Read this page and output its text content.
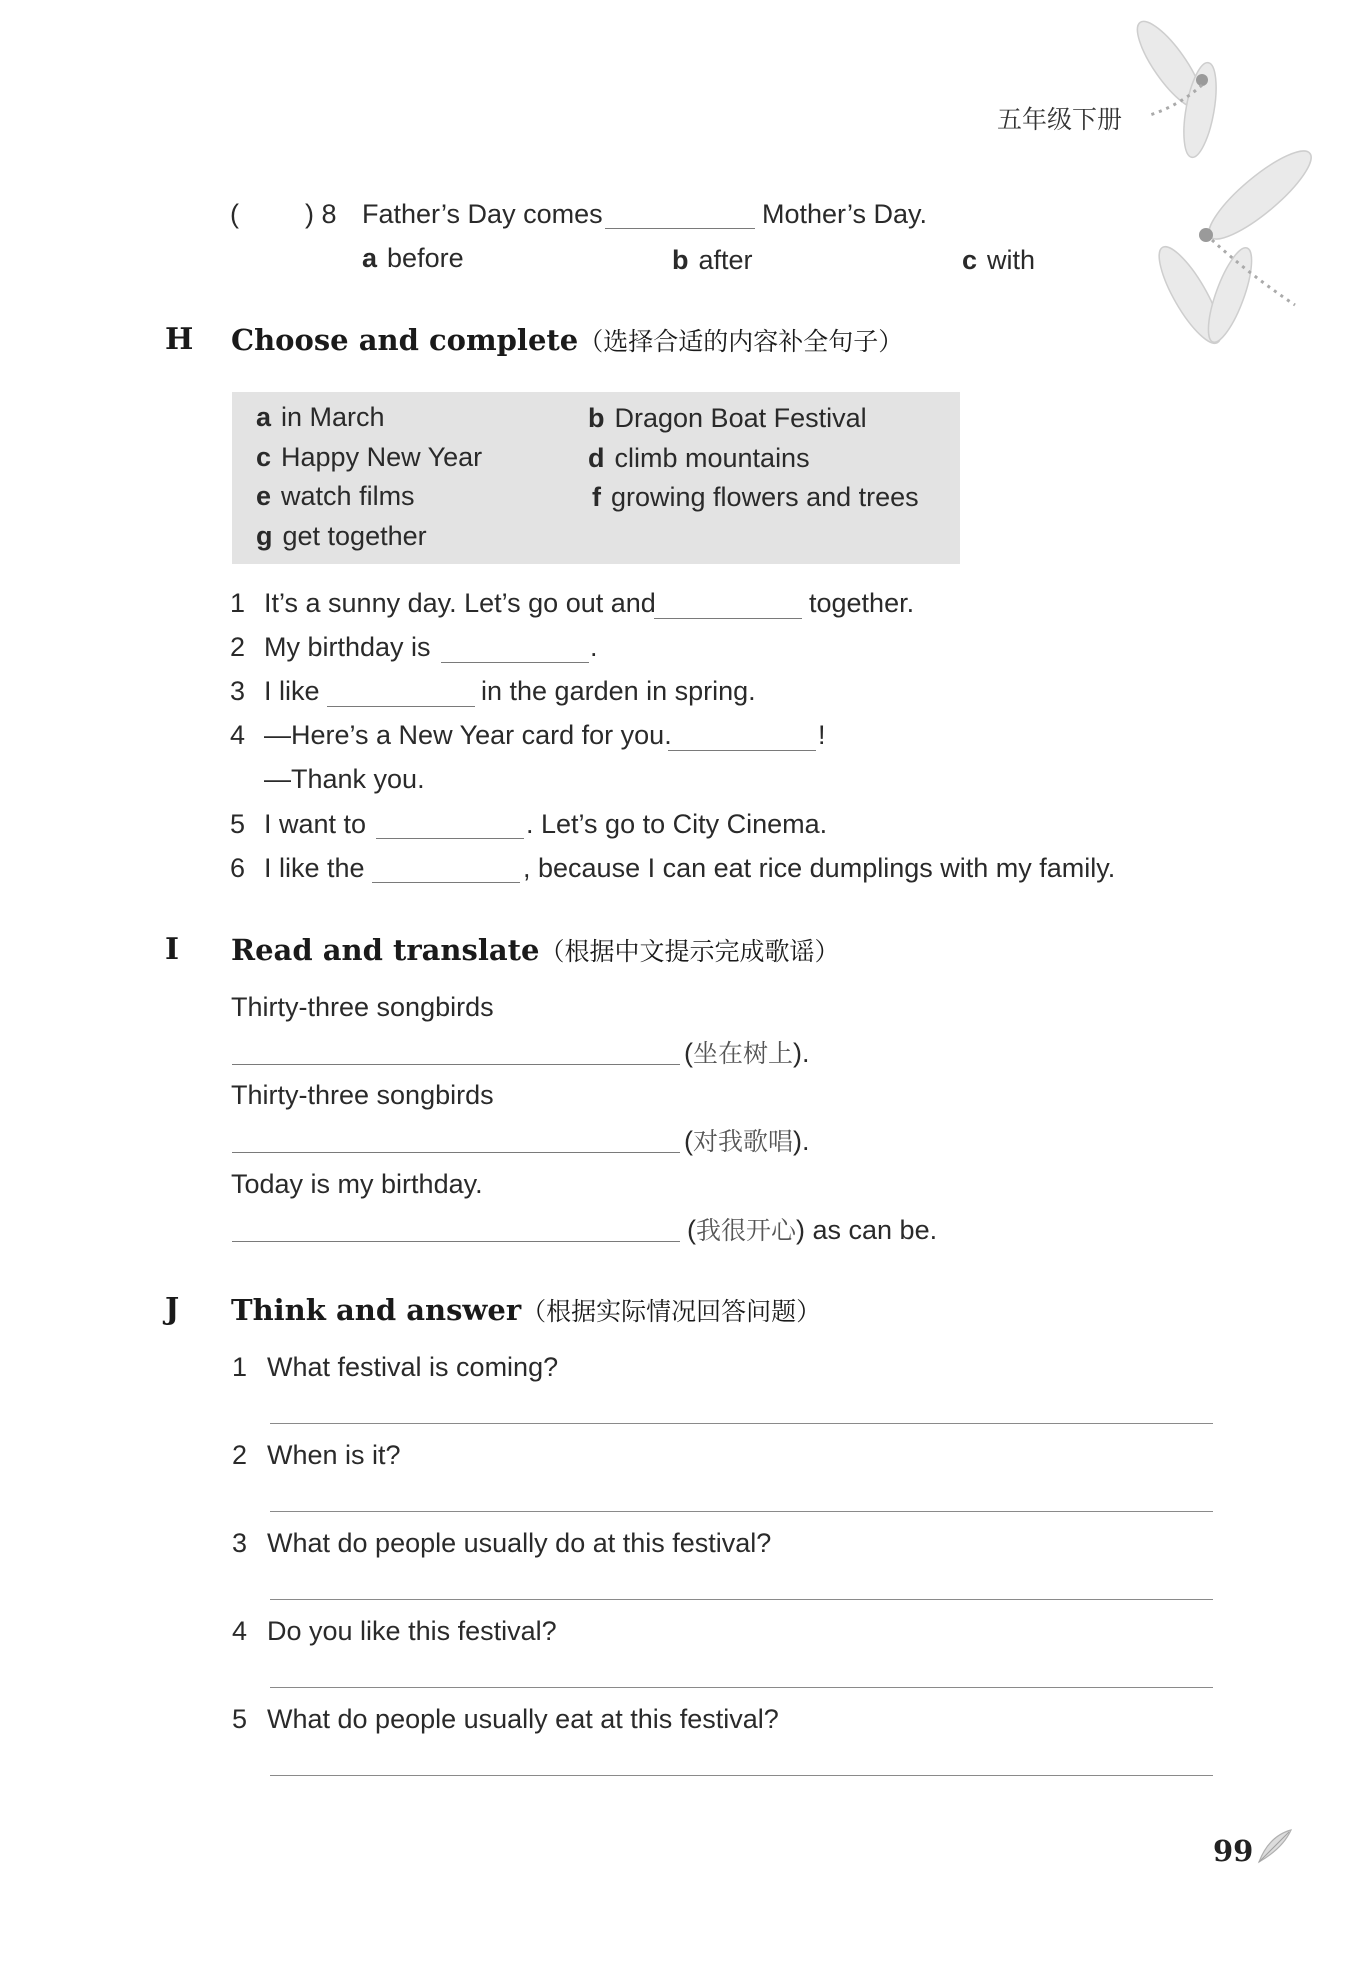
五年级下册
( ) 8 Father’s Day comes	Mother’s Day.
a before	b after	c with
H Choose and complete（选择合适的内容补全句子）
a in March	b Dragon Boat Festival
c Happy New Year	d climb mountains
e watch films	f growing flowers and trees
g get together
1 It’s a sunny day. Let’s go out and	together.
2 My birthday is	.
3 I like	in the garden in spring.
4 —Here’s a New Year card for you.	!
—Thank you.
5 I want to	. Let’s go to City Cinema.
6 I like the	, because I can eat rice dumplings with my family.
I Read and translate（根据中文提示完成歌谣）
Thirty-three songbirds
(坐在树上).
Thirty-three songbirds
(对我歌唱).
Today is my birthday.
(我很开心) as can be.
J Think and answer（根据实际情况回答问题）
1 What festival is coming?
2 When is it?
3 What do people usually do at this festival?
4 Do you like this festival?
5 What do people usually eat at this festival?
99
